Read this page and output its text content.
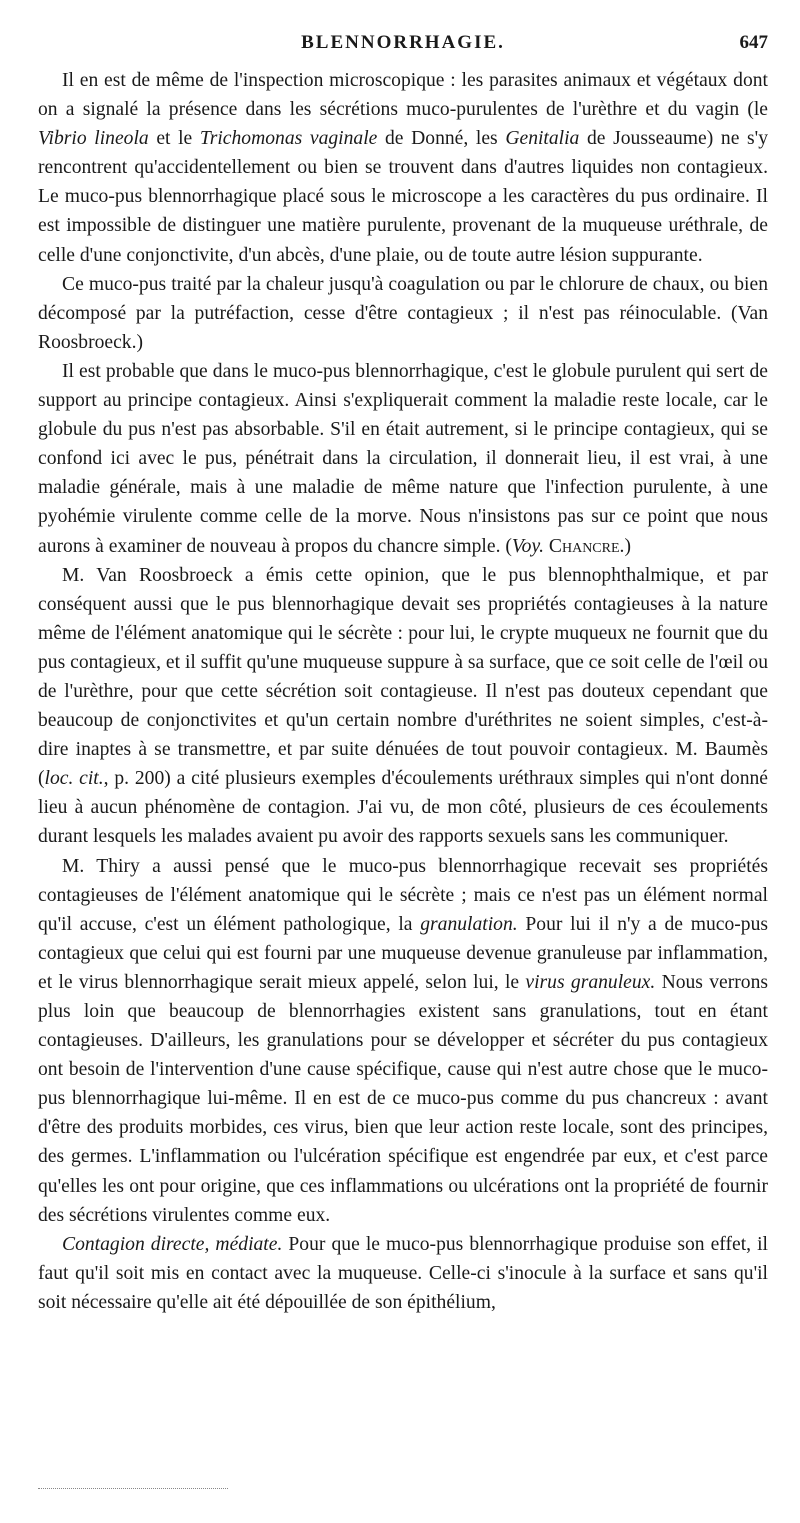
BLENNORRHAGIE.	647

Il en est de même de l'inspection microscopique : les parasites animaux et végétaux dont on a signalé la présence dans les sécrétions muco-purulentes de l'urèthre et du vagin (le Vibrio lineola et le Trichomonas vaginale de Donné, les Genitalia de Jousseaume) ne s'y rencontrent qu'accidentellement ou bien se trouvent dans d'autres liquides non contagieux. Le muco-pus blennorrhagique placé sous le microscope a les caractères du pus ordinaire. Il est impossible de distinguer une matière purulente, provenant de la muqueuse uréthrale, de celle d'une conjonctivite, d'un abcès, d'une plaie, ou de toute autre lésion suppurante.

Ce muco-pus traité par la chaleur jusqu'à coagulation ou par le chlorure de chaux, ou bien décomposé par la putréfaction, cesse d'être contagieux ; il n'est pas réinoculable. (Van Roosbroeck.)

Il est probable que dans le muco-pus blennorrhagique, c'est le globule purulent qui sert de support au principe contagieux. Ainsi s'expliquerait comment la maladie reste locale, car le globule du pus n'est pas absorbable. S'il en était autrement, si le principe contagieux, qui se confond ici avec le pus, pénétrait dans la circulation, il donnerait lieu, il est vrai, à une maladie générale, mais à une maladie de même nature que l'infection purulente, à une pyohémie virulente comme celle de la morve. Nous n'insistons pas sur ce point que nous aurons à examiner de nouveau à propos du chancre simple. (Voy. Chancre.)

M. Van Roosbroeck a émis cette opinion, que le pus blennophthalmique, et par conséquent aussi que le pus blennorhagique devait ses propriétés contagieuses à la nature même de l'élément anatomique qui le sécrète : pour lui, le crypte muqueux ne fournit que du pus contagieux, et il suffit qu'une muqueuse suppure à sa surface, que ce soit celle de l'œil ou de l'urèthre, pour que cette sécrétion soit contagieuse. Il n'est pas douteux cependant que beaucoup de conjonctivites et qu'un certain nombre d'uréthrites ne soient simples, c'est-à-dire inaptes à se transmettre, et par suite dénuées de tout pouvoir contagieux. M. Baumès (loc. cit., p. 200) a cité plusieurs exemples d'écoulements uréthraux simples qui n'ont donné lieu à aucun phénomène de contagion. J'ai vu, de mon côté, plusieurs de ces écoulements durant lesquels les malades avaient pu avoir des rapports sexuels sans les communiquer.

M. Thiry a aussi pensé que le muco-pus blennorrhagique recevait ses propriétés contagieuses de l'élément anatomique qui le sécrète ; mais ce n'est pas un élément normal qu'il accuse, c'est un élément pathologique, la granulation. Pour lui il n'y a de muco-pus contagieux que celui qui est fourni par une muqueuse devenue granuleuse par inflammation, et le virus blennorrhagique serait mieux appelé, selon lui, le virus granuleux. Nous verrons plus loin que beaucoup de blennorrhagies existent sans granulations, tout en étant contagieuses. D'ailleurs, les granulations pour se développer et sécréter du pus contagieux ont besoin de l'intervention d'une cause spécifique, cause qui n'est autre chose que le muco-pus blennorrhagique lui-même. Il en est de ce muco-pus comme du pus chancreux : avant d'être des produits morbides, ces virus, bien que leur action reste locale, sont des principes, des germes. L'inflammation ou l'ulcération spécifique est engendrée par eux, et c'est parce qu'elles les ont pour origine, que ces inflammations ou ulcérations ont la propriété de fournir des sécrétions virulentes comme eux.

Contagion directe, médiate. Pour que le muco-pus blennorrhagique produise son effet, il faut qu'il soit mis en contact avec la muqueuse. Celle-ci s'inocule à la surface et sans qu'il soit nécessaire qu'elle ait été dépouillée de son épithélium,
